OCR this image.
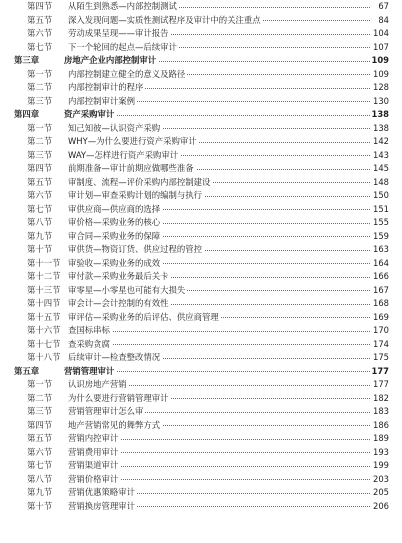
第四节 从陌生到熟悉—内部控制测试	67
第五节 深入发现问题—实质性测试程序及审计中的关注重点	84
第六节 劳动成果呈现——审计报告	104
第七节 下一个轮回的起点—后续审计	107
第三章	房地产企业内部控制审计	109
第一节 内部控制建立健全的意义及路径	109
第二节 内部控制审计的程序	128
第三节 内部控制审计案例	130
第四章	资产采购审计	138
第一节 知己知彼—认识资产采购	138
第二节 WHY—为什么要进行资产采购审计	142
第三节 WAY—怎样进行资产采购审计	143
第四节 前期准备—审计前期应做哪些准备	145
第五节 审制度、流程—评价采购内部控制建设	148
第六节 审计划—审查采购计划的编制与执行	150
第七节 审供应商—供应商的选择	151
第八节 审价格—采购业务的核心	155
第九节 审合同—采购业务的保障	159
第十节 审供货—物资订货、供应过程的管控	163
第十一节 审验收—采购业务的成效	164
第十二节 审付款—采购业务最后关卡	166
第十三节 审零星—小零星也可能有大损失	167
第十四节 审会计—会计控制的有效性	168
第十五节 审评估—采购业务的后评估、供应商管理	169
第十六节 查国标串标	170
第十七节 查采购贪腐	174
第十八节 后续审计—检查整改情况	175
第五章	营销管理审计	177
第一节 认识房地产营销	177
第二节 为什么要进行营销管理审计	182
第三节 营销管理审计怎么审	183
第四节 地产营销常见的舞弊方式	186
第五节 营销内控审计	189
第六节 营销费用审计	193
第七节 营销渠道审计	199
第八节 营销价格审计	203
第九节 营销优惠策略审计	205
第十节 营销换房管理审计	206
